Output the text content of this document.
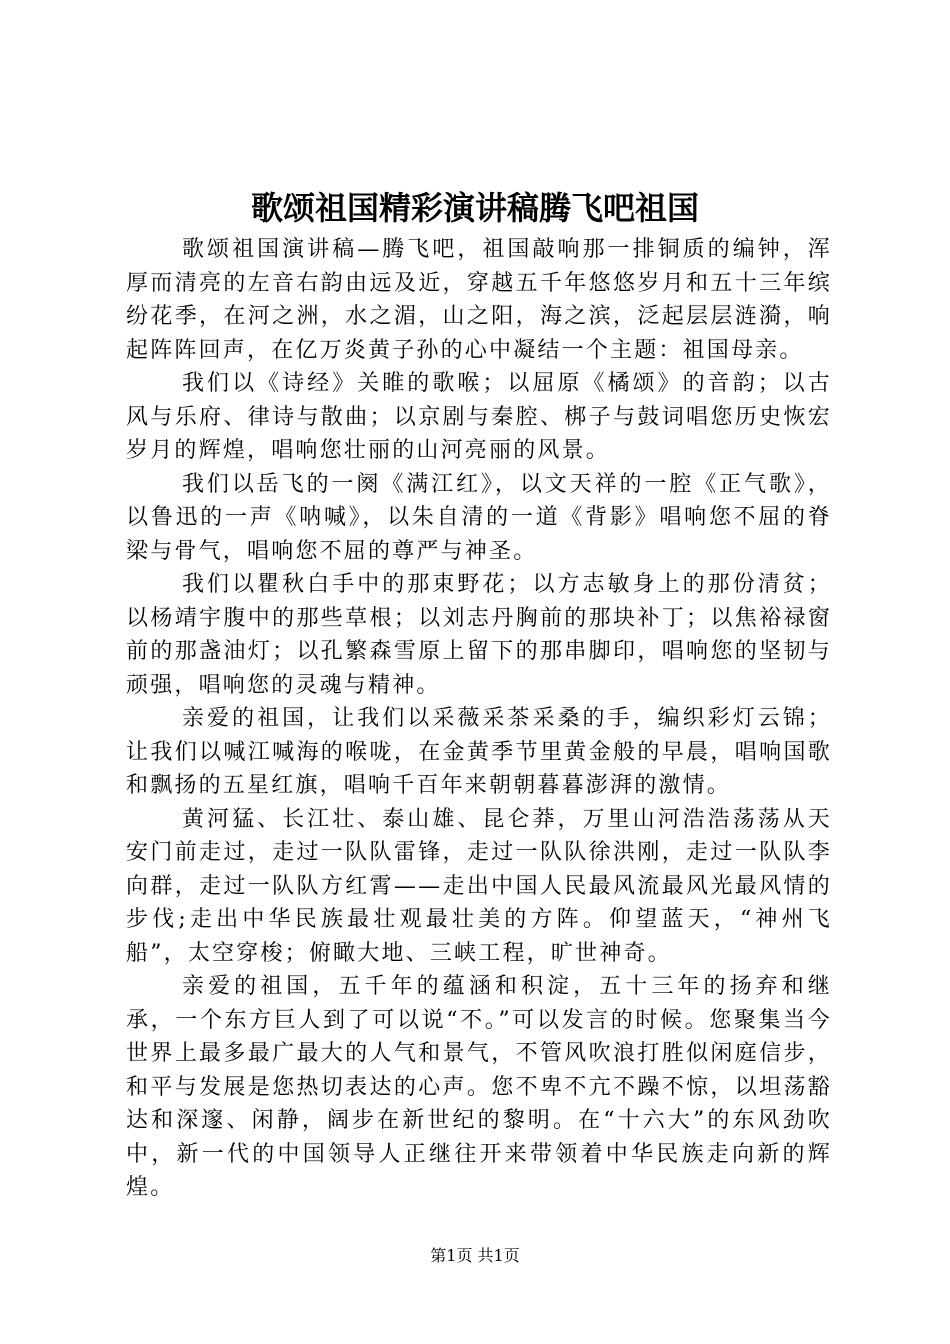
歌颂祖国精彩演讲稿腾飞吧祖国

歌颂祖国演讲稿—腾飞吧，祖国敲响那一排铜质的编钟，浑厚而清亮的左音右韵由远及近，穿越五千年悠悠岁月和五十三年缤纷花季，在河之洲，水之湄，山之阳，海之滨，泛起层层涟漪，响起阵阵回声，在亿万炎黄子孙的心中凝结一个主题：祖国母亲。

我们以《诗经》关睢的歌喉；以屈原《橘颂》的音韵；以古风与乐府、律诗与散曲；以京剧与秦腔、梆子与鼓词唱您历史恢宏岁月的辉煌，唱响您壮丽的山河亮丽的风景。

我们以岳飞的一阕《满江红》，以文天祥的一腔《正气歌》，以鲁迅的一声《呐喊》，以朱自清的一道《背影》唱响您不屈的脊梁与骨气，唱响您不屈的尊严与神圣。

我们以瞿秋白手中的那束野花；以方志敏身上的那份清贫；以杨靖宇腹中的那些草根；以刘志丹胸前的那块补丁；以焦裕禄窗前的那盏油灯；以孔繁森雪原上留下的那串脚印，唱响您的坚韧与顽强，唱响您的灵魂与精神。

亲爱的祖国，让我们以采薇采茶采桑的手，编织彩灯云锦；让我们以喊江喊海的喉咙，在金黄季节里黄金般的早晨，唱响国歌和飘扬的五星红旗，唱响千百年来朝朝暮暮澎湃的激情。

黄河猛、长江壮、泰山雄、昆仑莽，万里山河浩浩荡荡从天安门前走过，走过一队队雷锋，走过一队队徐洪刚，走过一队队李向群，走过一队队方红霄——走出中国人民最风流最风光最风情的步伐;走出中华民族最壮观最壮美的方阵。仰望蓝天，“神州飞船”，太空穿梭；俯瞰大地、三峡工程，旷世神奇。

亲爱的祖国，五千年的蕴涵和积淀，五十三年的扬弃和继承，一个东方巨人到了可以说“不。”可以发言的时候。您聚集当今世界上最多最广最大的人气和景气，不管风吹浪打胜似闲庭信步，和平与发展是您热切表达的心声。您不卑不亢不躁不惊，以坦荡豁达和深邃、闲静，阔步在新世纪的黎明。在“十六大”的东风劲吹中，新一代的中国领导人正继往开来带领着中华民族走向新的辉煌。

第1页 共1页
